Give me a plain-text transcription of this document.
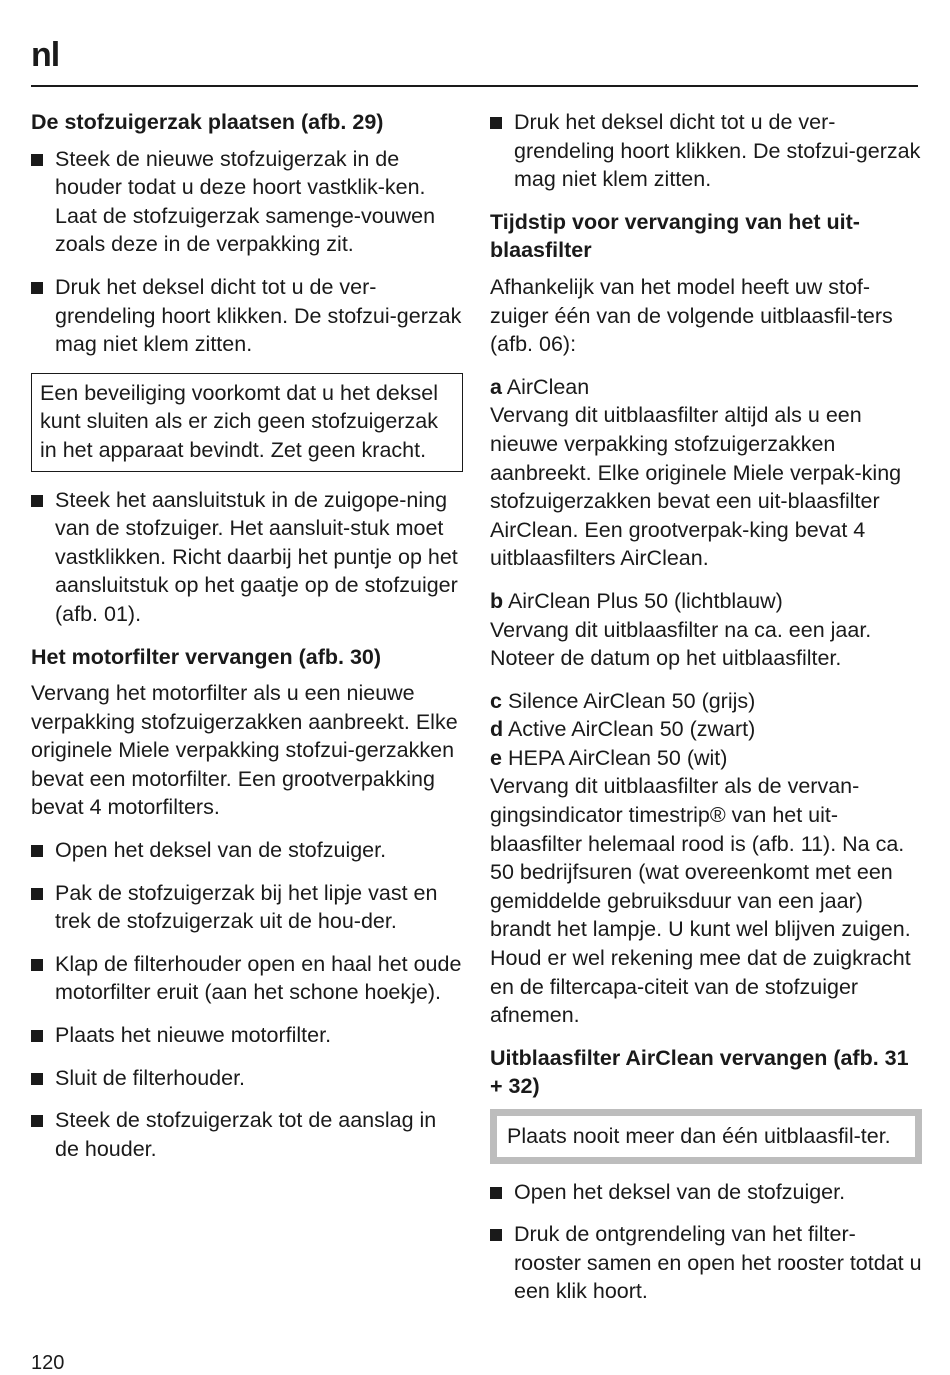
nl
De stofzuigerzak plaatsen (afb. 29)
Steek de nieuwe stofzuigerzak in de houder todat u deze hoort vastklik-ken. Laat de stofzuigerzak samenge-vouwen zoals deze in de verpakking zit.
Druk het deksel dicht tot u de ver-grendeling hoort klikken. De stofzui-gerzak mag niet klem zitten.
Een beveiliging voorkomt dat u het deksel kunt sluiten als er zich geen stofzuigerzak in het apparaat bevindt. Zet geen kracht.
Steek het aansluitstuk in de zuigope-ning van de stofzuiger. Het aansluit-stuk moet vastklikken. Richt daarbij het puntje op het aansluitstuk op het gaatje op de stofzuiger (afb. 01).
Het motorfilter vervangen (afb. 30)
Vervang het motorfilter als u een nieuwe verpakking stofzuigerzakken aanbreekt. Elke originele Miele verpakking stofzui-gerzakken bevat een motorfilter. Een grootverpakking bevat 4 motorfilters.
Open het deksel van de stofzuiger.
Pak de stofzuigerzak bij het lipje vast en trek de stofzuigerzak uit de hou-der.
Klap de filterhouder open en haal het oude motorfilter eruit (aan het schone hoekje).
Plaats het nieuwe motorfilter.
Sluit de filterhouder.
Steek de stofzuigerzak tot de aanslag in de houder.
Druk het deksel dicht tot u de ver-grendeling hoort klikken. De stofzui-gerzak mag niet klem zitten.
Tijdstip voor vervanging van het uit-blaasfilter
Afhankelijk van het model heeft uw stof-zuiger één van de volgende uitblaasfil-ters (afb. 06):
a AirClean
Vervang dit uitblaasfilter altijd als u een nieuwe verpakking stofzuigerzakken aanbreekt. Elke originele Miele verpak-king stofzuigerzakken bevat een uit-blaasfilter AirClean. Een grootverpak-king bevat 4 uitblaasfilters AirClean.
b AirClean Plus 50 (lichtblauw)
Vervang dit uitblaasfilter na ca. een jaar. Noteer de datum op het uitblaasfilter.
c Silence AirClean 50 (grijs)
d Active AirClean 50 (zwart)
e HEPA AirClean 50 (wit)
Vervang dit uitblaasfilter als de vervan-gingsindicator timestrip® van het uit-blaasfilter helemaal rood is (afb. 11). Na ca. 50 bedrijfsuren (wat overeenkomt met een gemiddelde gebruiksduur van een jaar) brandt het lampje. U kunt wel blijven zuigen. Houd er wel rekening mee dat de zuigkracht en de filtercapa-citeit van de stofzuiger afnemen.
Uitblaasfilter AirClean vervangen (afb. 31 + 32)
Plaats nooit meer dan één uitblaasfil-ter.
Open het deksel van de stofzuiger.
Druk de ontgrendeling van het filter-rooster samen en open het rooster totdat u een klik hoort.
120
